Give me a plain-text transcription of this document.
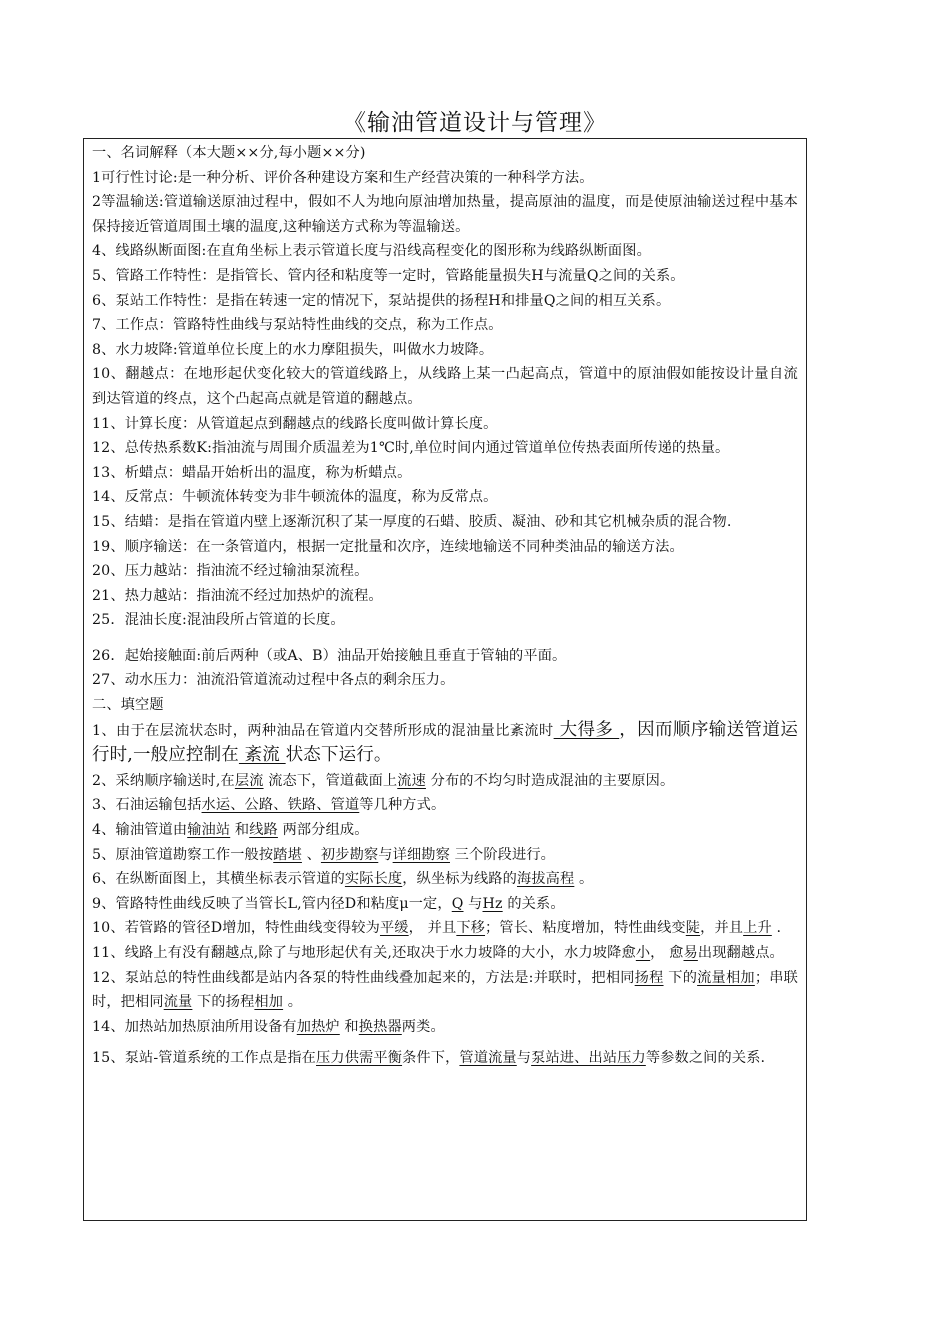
《输油管道设计与管理》

一、名词解释（本大题××分,每小题××分)

1可行性讨论:是一种分析、评价各种建设方案和生产经营决策的一种科学方法。

2等温输送:管道输送原油过程中，假如不人为地向原油增加热量，提高原油的温度，而是使原油输送过程中基本保持接近管道周围土壤的温度,这种输送方式称为等温输送。

4、线路纵断面图:在直角坐标上表示管道长度与沿线高程变化的图形称为线路纵断面图。

5、管路工作特性：是指管长、管内径和粘度等一定时，管路能量损失H与流量Q之间的关系。

6、泵站工作特性：是指在转速一定的情况下，泵站提供的扬程H和排量Q之间的相互关系。

7、工作点：管路特性曲线与泵站特性曲线的交点，称为工作点。

8、水力坡降:管道单位长度上的水力摩阻损失，叫做水力坡降。

10、翻越点：在地形起伏变化较大的管道线路上，从线路上某一凸起高点，管道中的原油假如能按设计量自流到达管道的终点，这个凸起高点就是管道的翻越点。

11、计算长度：从管道起点到翻越点的线路长度叫做计算长度。

12、总传热系数K:指油流与周围介质温差为1℃时,单位时间内通过管道单位传热表面所传递的热量。

13、析蜡点：蜡晶开始析出的温度，称为析蜡点。

14、反常点：牛顿流体转变为非牛顿流体的温度，称为反常点。

15、结蜡：是指在管道内壁上逐渐沉积了某一厚度的石蜡、胶质、凝油、砂和其它机械杂质的混合物.

19、顺序输送：在一条管道内，根据一定批量和次序，连续地输送不同种类油品的输送方法。

20、压力越站：指油流不经过输油泵流程。

21、热力越站：指油流不经过加热炉的流程。

25．混油长度:混油段所占管道的长度。

26．起始接触面:前后两种（或A、B）油品开始接触且垂直于管轴的平面。

27、动水压力：油流沿管道流动过程中各点的剩余压力。

二、填空题

1、由于在层流状态时，两种油品在管道内交替所形成的混油量比紊流时 大得多 ，因而顺序输送管道运行时,一般应控制在 紊流 状态下运行。

2、采纳顺序输送时,在层流 流态下，管道截面上流速 分布的不均匀时造成混油的主要原因。

3、石油运输包括水运、公路、铁路、管道等几种方式。

4、输油管道由输油站 和线路 两部分组成。

5、原油管道勘察工作一般按踏堪 、初步勘察与详细勘察 三个阶段进行。

6、在纵断面图上，其横坐标表示管道的实际长度，纵坐标为线路的海拔高程 。

9、管路特性曲线反映了当管长L,管内径D和粘度μ一定，Q 与Hz 的关系。

10、若管路的管径D增加，特性曲线变得较为平缓， 并且下移；管长、粘度增加，特性曲线变陡，并且上升 .

11、线路上有没有翻越点,除了与地形起伏有关,还取决于水力坡降的大小，水力坡降愈小， 愈易出现翻越点。

12、泵站总的特性曲线都是站内各泵的特性曲线叠加起来的，方法是:并联时，把相同扬程 下的流量相加；串联时，把相同流量 下的扬程相加 。

14、加热站加热原油所用设备有加热炉 和换热器两类。

15、泵站-管道系统的工作点是指在压力供需平衡条件下，管道流量与泵站进、出站压力等参数之间的关系.
